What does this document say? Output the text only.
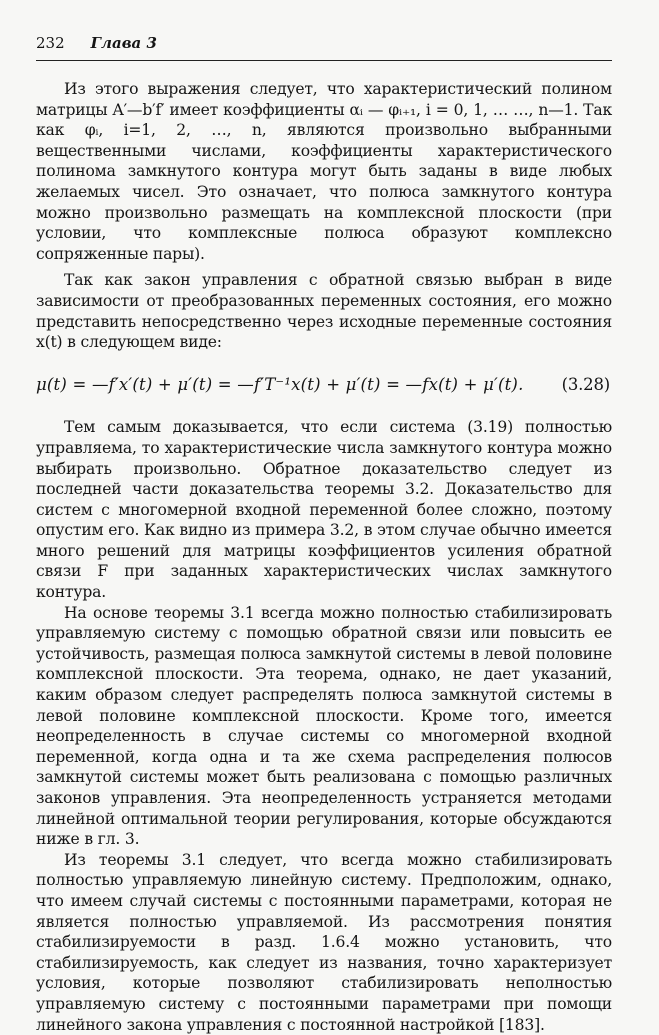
232 Глава 3

Из этого выражения следует, что характеристический полином матрицы A′—b′f′ имеет коэффициенты αᵢ — φᵢ₊₁, i = 0, 1, … …, n—1. Так как φᵢ, i=1, 2, …, n, являются произвольно выбранными вещественными числами, коэффициенты характеристического полинома замкнутого контура могут быть заданы в виде любых желаемых чисел. Это означает, что полюса замкнутого контура можно произвольно размещать на комплексной плоскости (при условии, что комплексные полюса образуют комплексно сопряженные пары).

Так как закон управления с обратной связью выбран в виде зависимости от преобразованных переменных состояния, его можно представить непосредственно через исходные переменные состояния x(t) в следующем виде:

μ(t) = —f′x′(t) + μ′(t) = —f′T⁻¹x(t) + μ′(t) = —fx(t) + μ′(t). (3.28)

Тем самым доказывается, что если система (3.19) полностью управляема, то характеристические числа замкнутого контура можно выбирать произвольно. Обратное доказательство следует из последней части доказательства теоремы 3.2. Доказательство для систем с многомерной входной переменной более сложно, поэтому опустим его. Как видно из примера 3.2, в этом случае обычно имеется много решений для матрицы коэффициентов усиления обратной связи F при заданных характеристических числах замкнутого контура.

На основе теоремы 3.1 всегда можно полностью стабилизировать управляемую систему с помощью обратной связи или повысить ее устойчивость, размещая полюса замкнутой системы в левой половине комплексной плоскости. Эта теорема, однако, не дает указаний, каким образом следует распределять полюса замкнутой системы в левой половине комплексной плоскости. Кроме того, имеется неопределенность в случае системы со многомерной входной переменной, когда одна и та же схема распределения полюсов замкнутой системы может быть реализована с помощью различных законов управления. Эта неопределенность устраняется методами линейной оптимальной теории регулирования, которые обсуждаются ниже в гл. 3.

Из теоремы 3.1 следует, что всегда можно стабилизировать полностью управляемую линейную систему. Предположим, однако, что имеем случай системы с постоянными параметрами, которая не является полностью управляемой. Из рассмотрения понятия стабилизируемости в разд. 1.6.4 можно установить, что стабилизируемость, как следует из названия, точно характеризует условия, которые позволяют стабилизировать неполностью управляемую систему с постоянными параметрами при помощи линейного закона управления с постоянной настройкой [183].
